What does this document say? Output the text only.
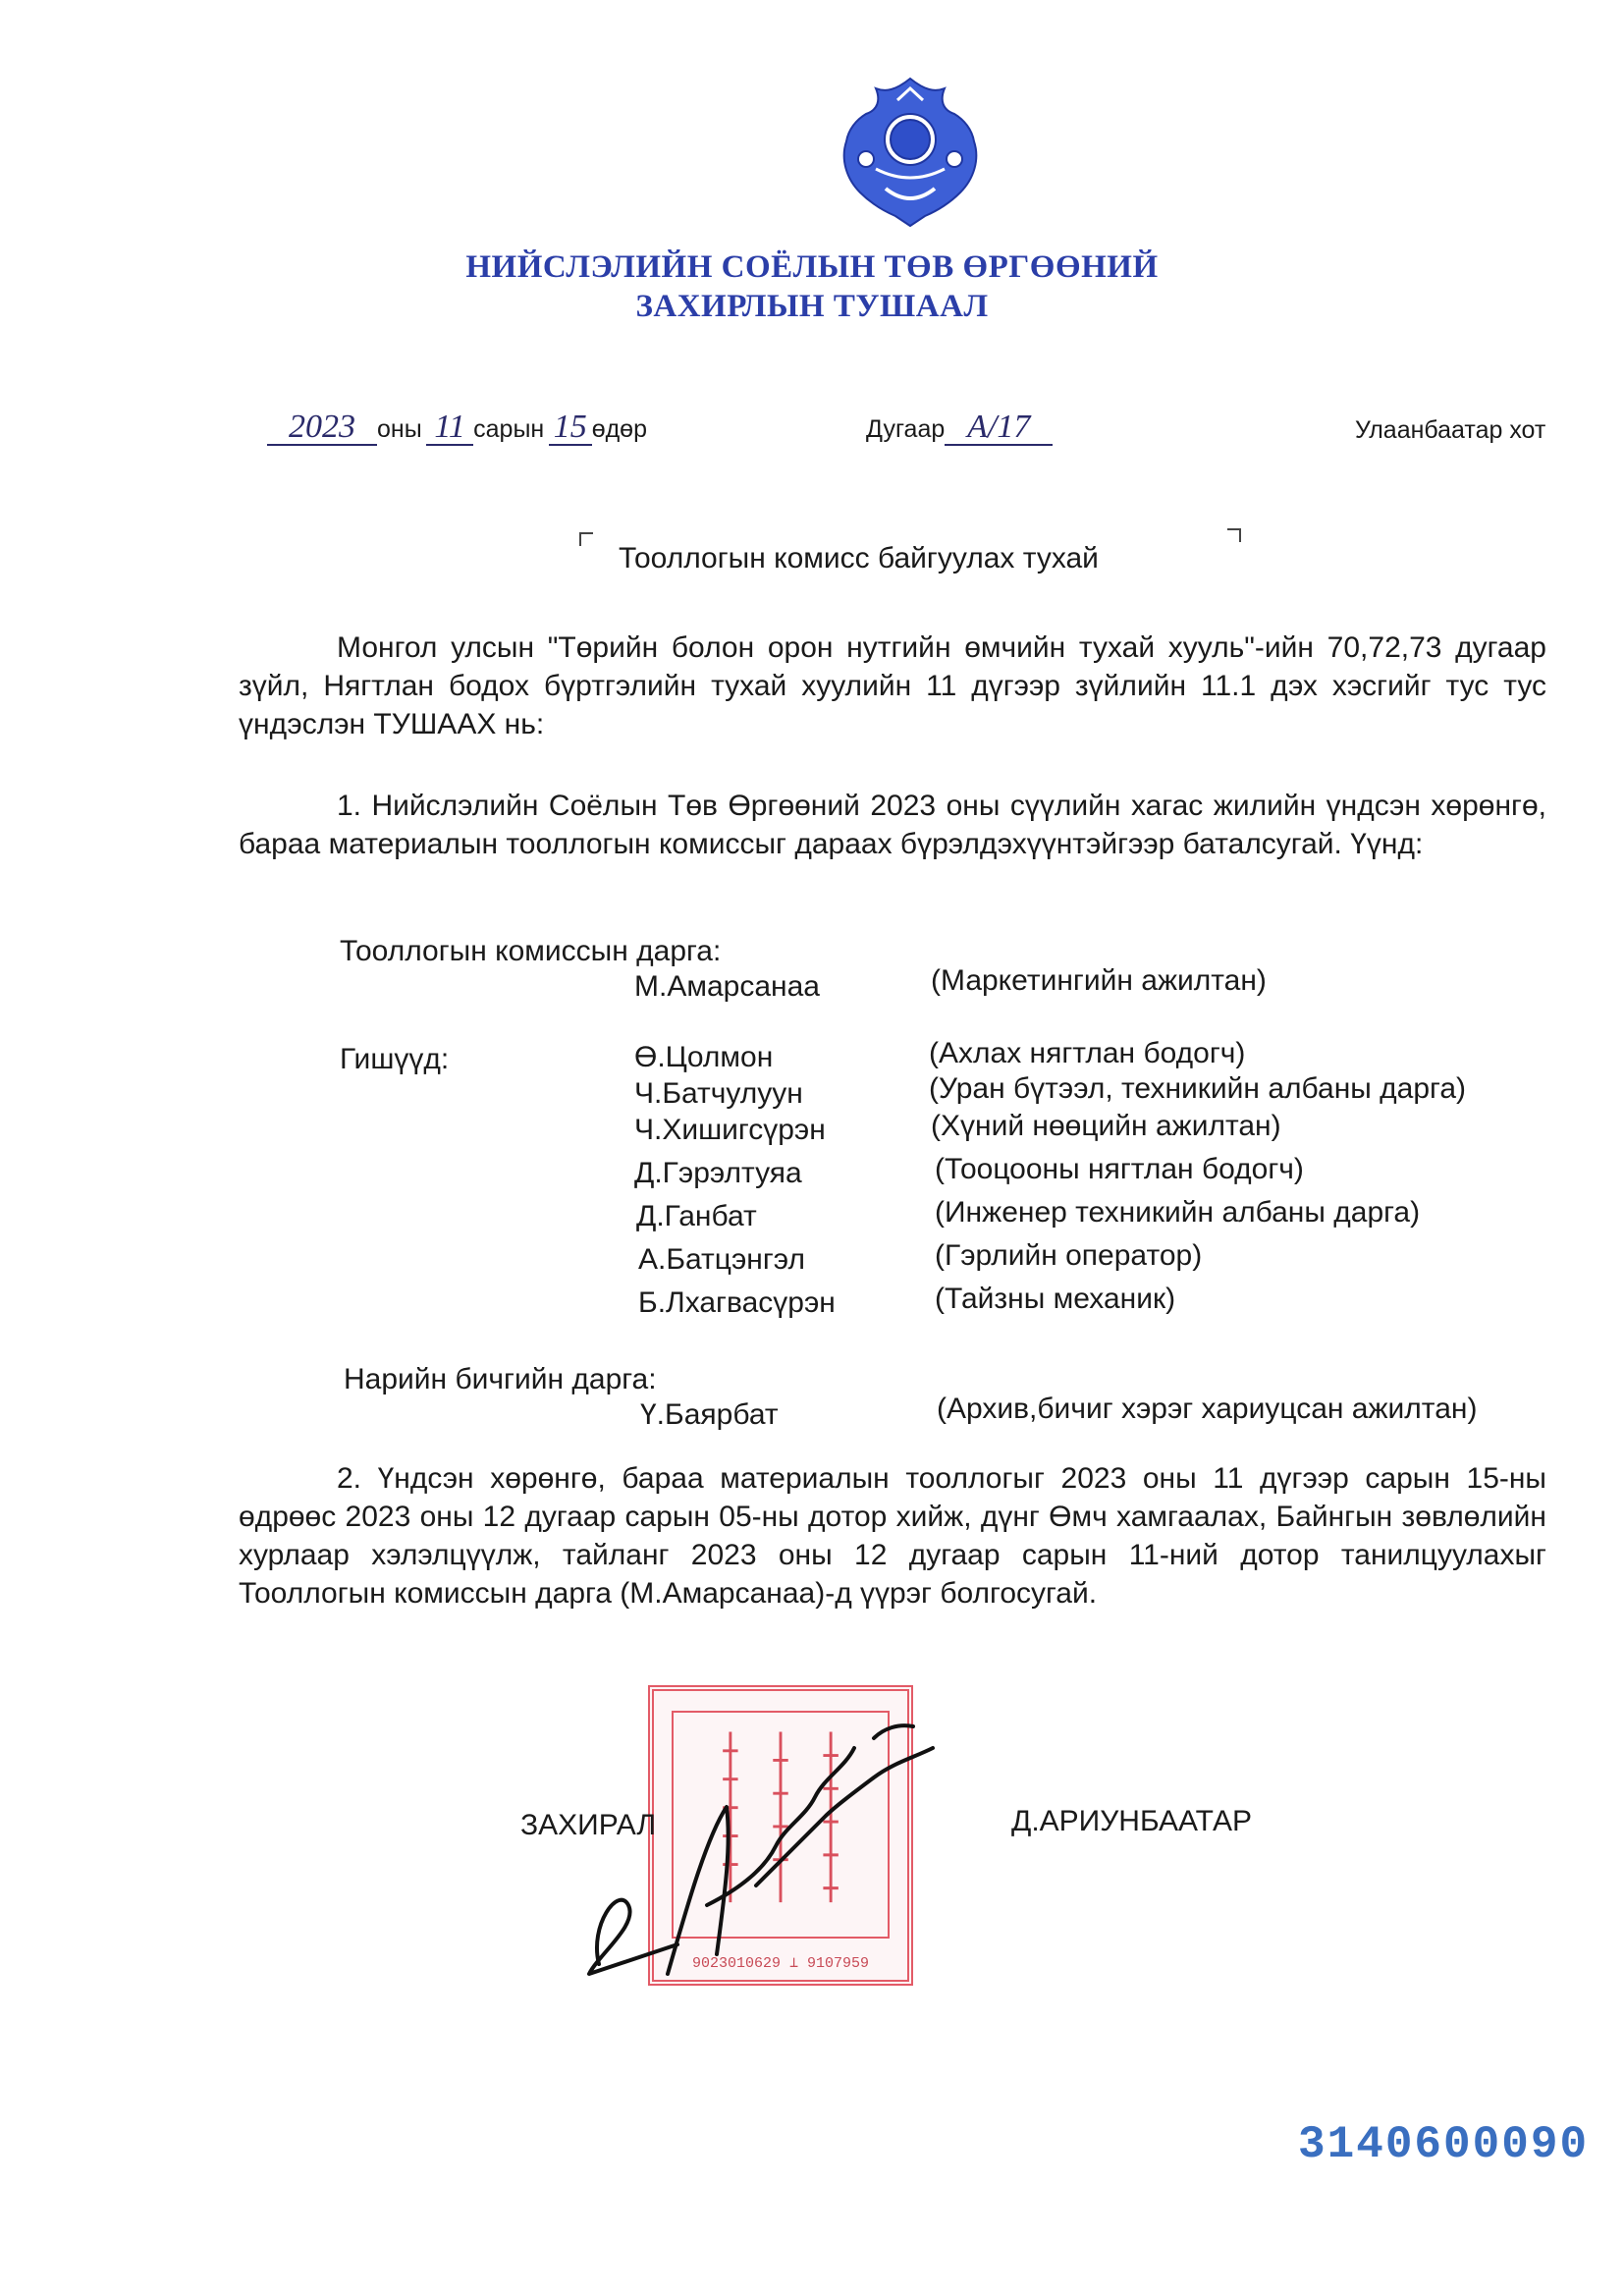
НИЙСЛЭЛИЙН СОЁЛЫН ТӨВ ӨРГӨӨНИЙ
ЗАХИРЛЫН ТУШААЛ
2023 оны 11 сарын 15 өдөр	Дугаар А/17	Улаанбаатар хот
Тооллогын комисс байгуулах тухай
Монгол улсын "Төрийн болон орон нутгийн өмчийн тухай хууль"-ийн 70,72,73 дугаар зүйл, Нягтлан бодох бүртгэлийн тухай хуулийн 11 дүгээр зүйлийн 11.1 дэх хэсгийг тус тус үндэслэн ТУШААХ нь:
1. Нийслэлийн Соёлын Төв Өргөөний 2023 оны сүүлийн хагас жилийн үндсэн хөрөнгө, бараа материалын тооллогын комиссыг дараах бүрэлдэхүүнтэйгээр баталсугай. Үүнд:
Тооллогын комиссын дарга:
М.Амарсанаа	(Маркетингийн ажилтан)
Гишүүд:	Ө.Цолмон	(Ахлах нягтлан бодогч)
Ч.Батчулуун	(Уран бүтээл, техникийн албаны дарга)
Ч.Хишигсүрэн	(Хүний нөөцийн ажилтан)
Д.Гэрэлтуяа	(Тооцооны нягтлан бодогч)
Д.Ганбат	(Инженер техникийн албаны дарга)
А.Батцэнгэл	(Гэрлийн оператор)
Б.Лхагвасүрэн	(Тайзны механик)
Нарийн бичгийн дарга:
Ү.Баярбат	(Архив,бичиг хэрэг хариуцсан ажилтан)
2. Үндсэн хөрөнгө, бараа материалын тооллогыг 2023 оны 11 дүгээр сарын 15-ны өдрөөс 2023 оны 12 дугаар сарын 05-ны дотор хийж, дүнг Өмч хамгаалах, Байнгын зөвлөлийн хурлаар хэлэлцүүлж, тайланг 2023 оны 12 дугаар сарын 11-ний дотор танилцуулахыг Тооллогын комиссын дарга (М.Амарсанаа)-д үүрэг болгосугай.
9023010629 ⊥ 9107959
ЗАХИРАЛ	Д.АРИУНБААТАР
3140600090
